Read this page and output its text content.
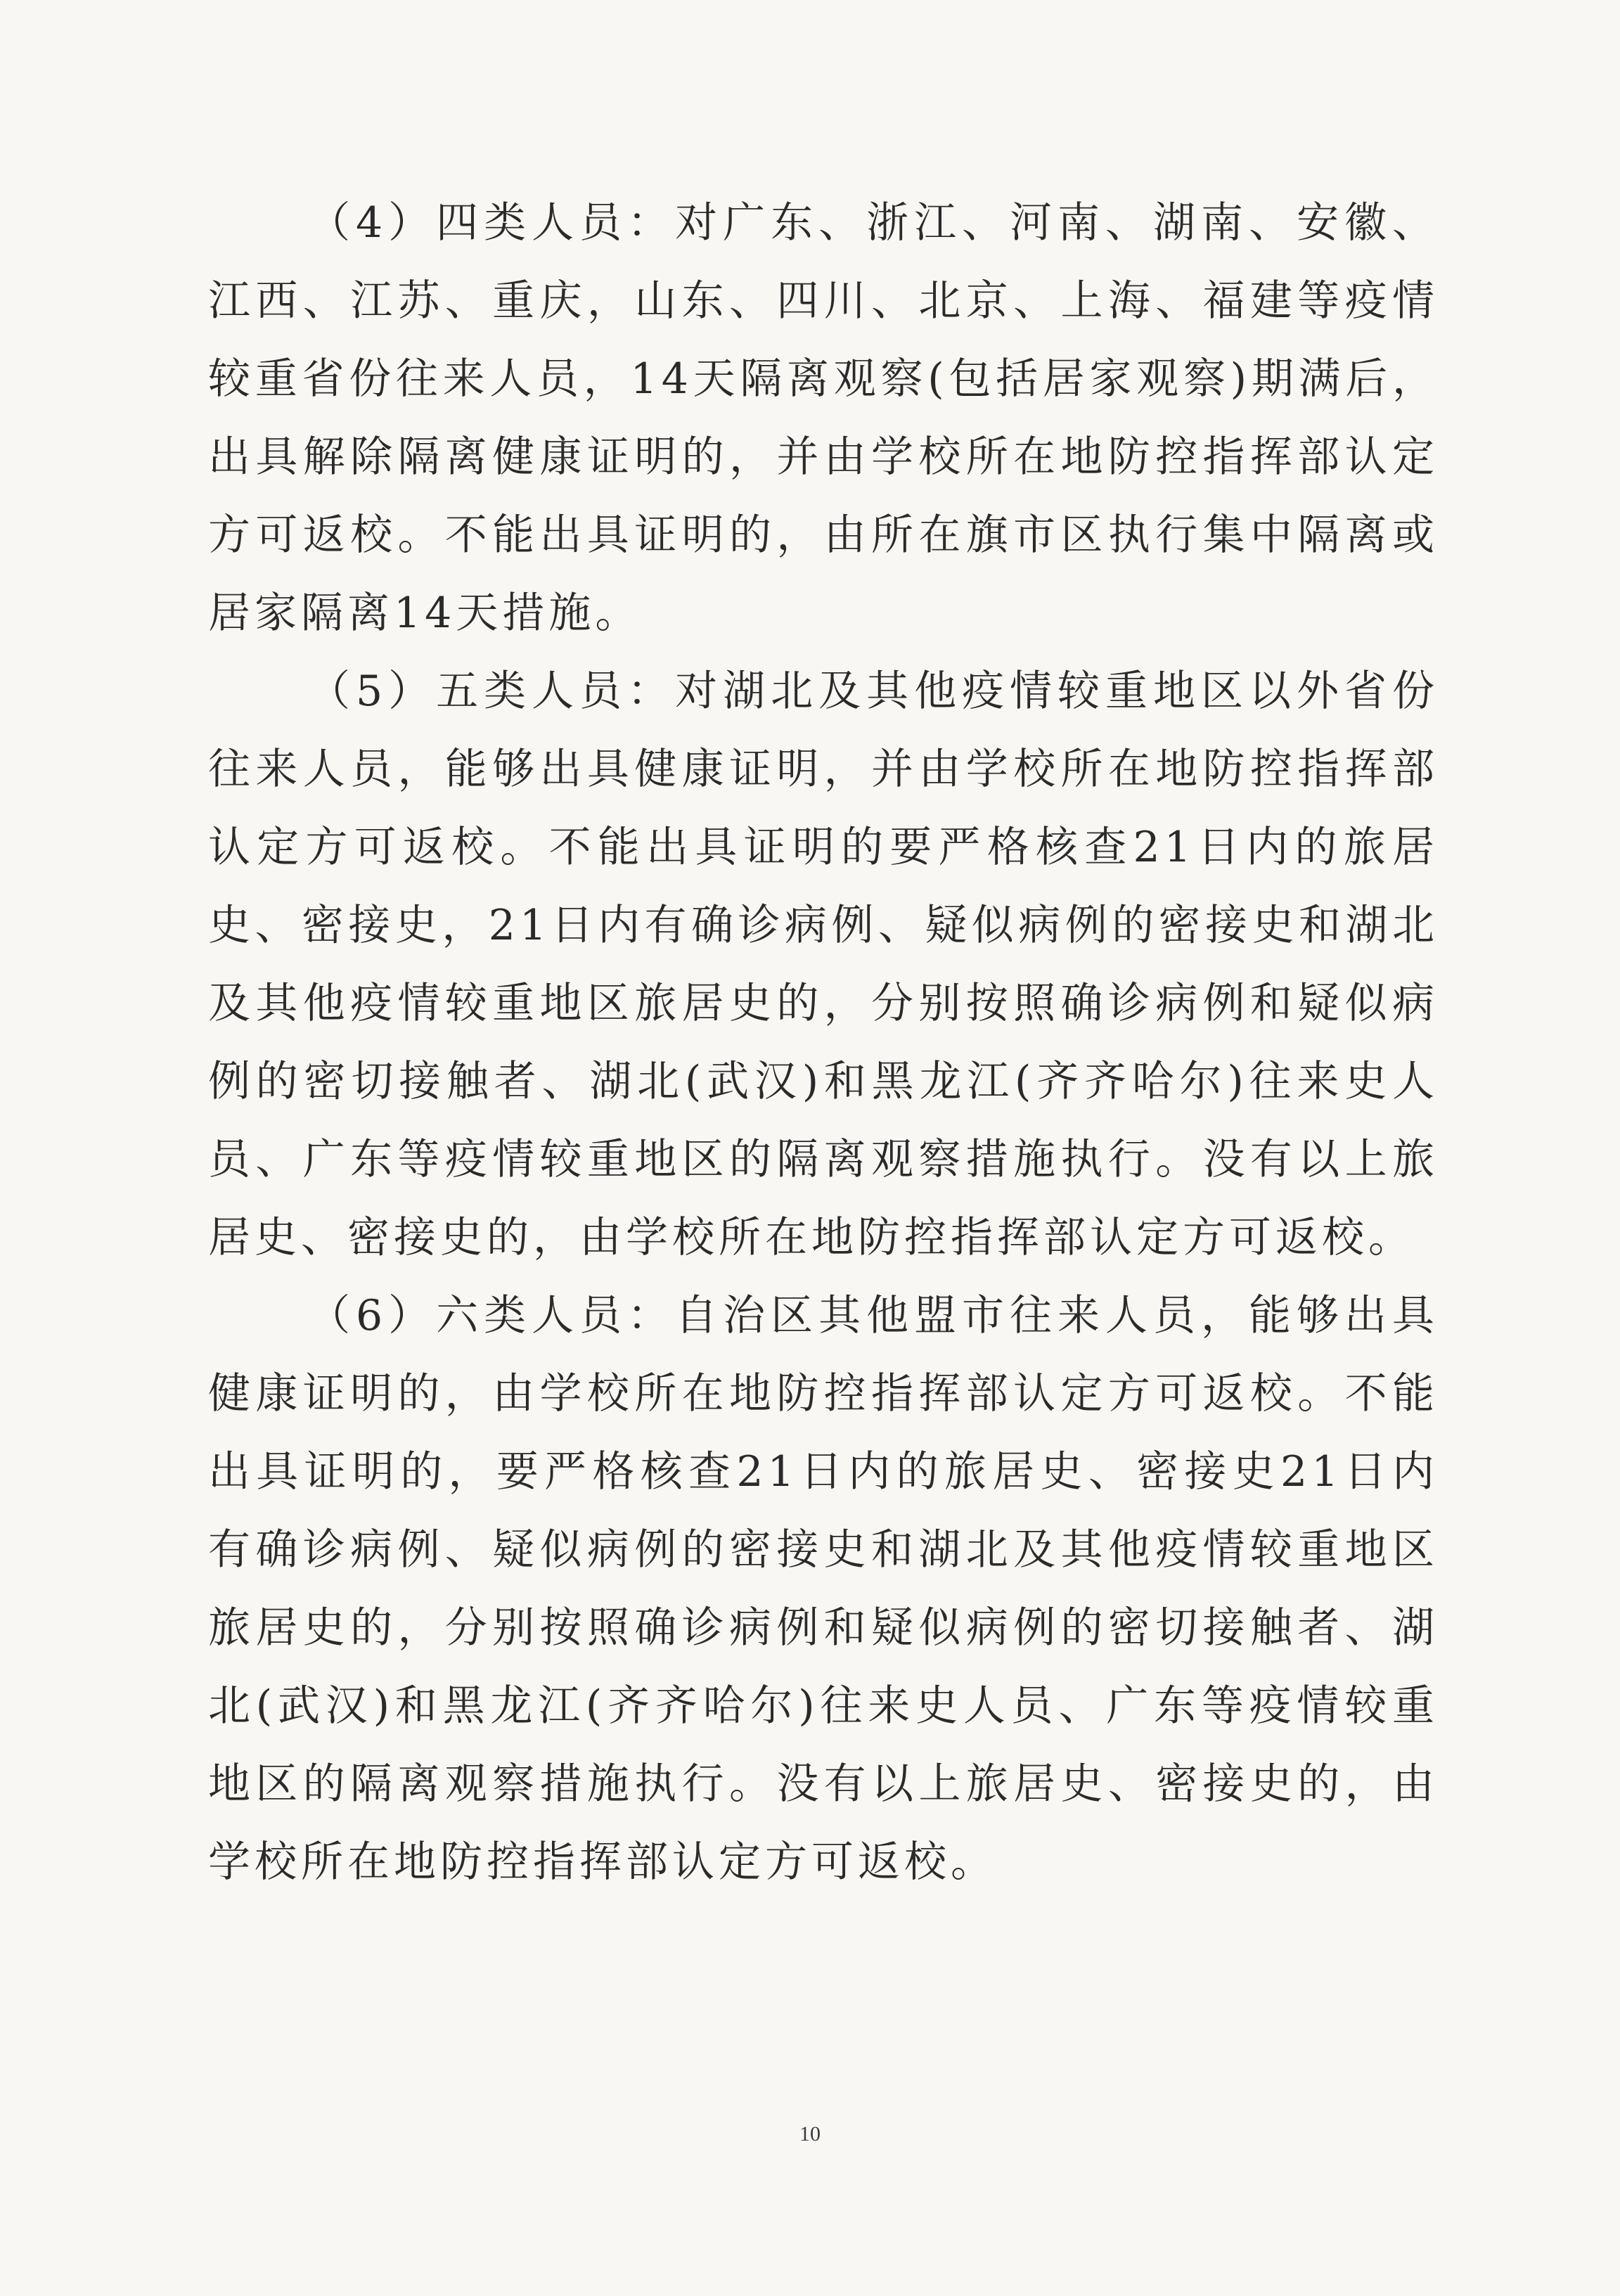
（4）四类人员：对广东、浙江、河南、湖南、安徽、江西、江苏、重庆，山东、四川、北京、上海、福建等疫情较重省份往来人员，14天隔离观察(包括居家观察)期满后，出具解除隔离健康证明的，并由学校所在地防控指挥部认定方可返校。不能出具证明的，由所在旗市区执行集中隔离或居家隔离14天措施。

（5）五类人员：对湖北及其他疫情较重地区以外省份往来人员，能够出具健康证明，并由学校所在地防控指挥部认定方可返校。不能出具证明的要严格核查21日内的旅居史、密接史，21日内有确诊病例、疑似病例的密接史和湖北及其他疫情较重地区旅居史的，分别按照确诊病例和疑似病例的密切接触者、湖北(武汉)和黑龙江(齐齐哈尔)往来史人员、广东等疫情较重地区的隔离观察措施执行。没有以上旅居史、密接史的，由学校所在地防控指挥部认定方可返校。

（6）六类人员：自治区其他盟市往来人员，能够出具健康证明的，由学校所在地防控指挥部认定方可返校。不能出具证明的，要严格核查21日内的旅居史、密接史21日内有确诊病例、疑似病例的密接史和湖北及其他疫情较重地区旅居史的，分别按照确诊病例和疑似病例的密切接触者、湖北(武汉)和黑龙江(齐齐哈尔)往来史人员、广东等疫情较重地区的隔离观察措施执行。没有以上旅居史、密接史的，由学校所在地防控指挥部认定方可返校。

10
